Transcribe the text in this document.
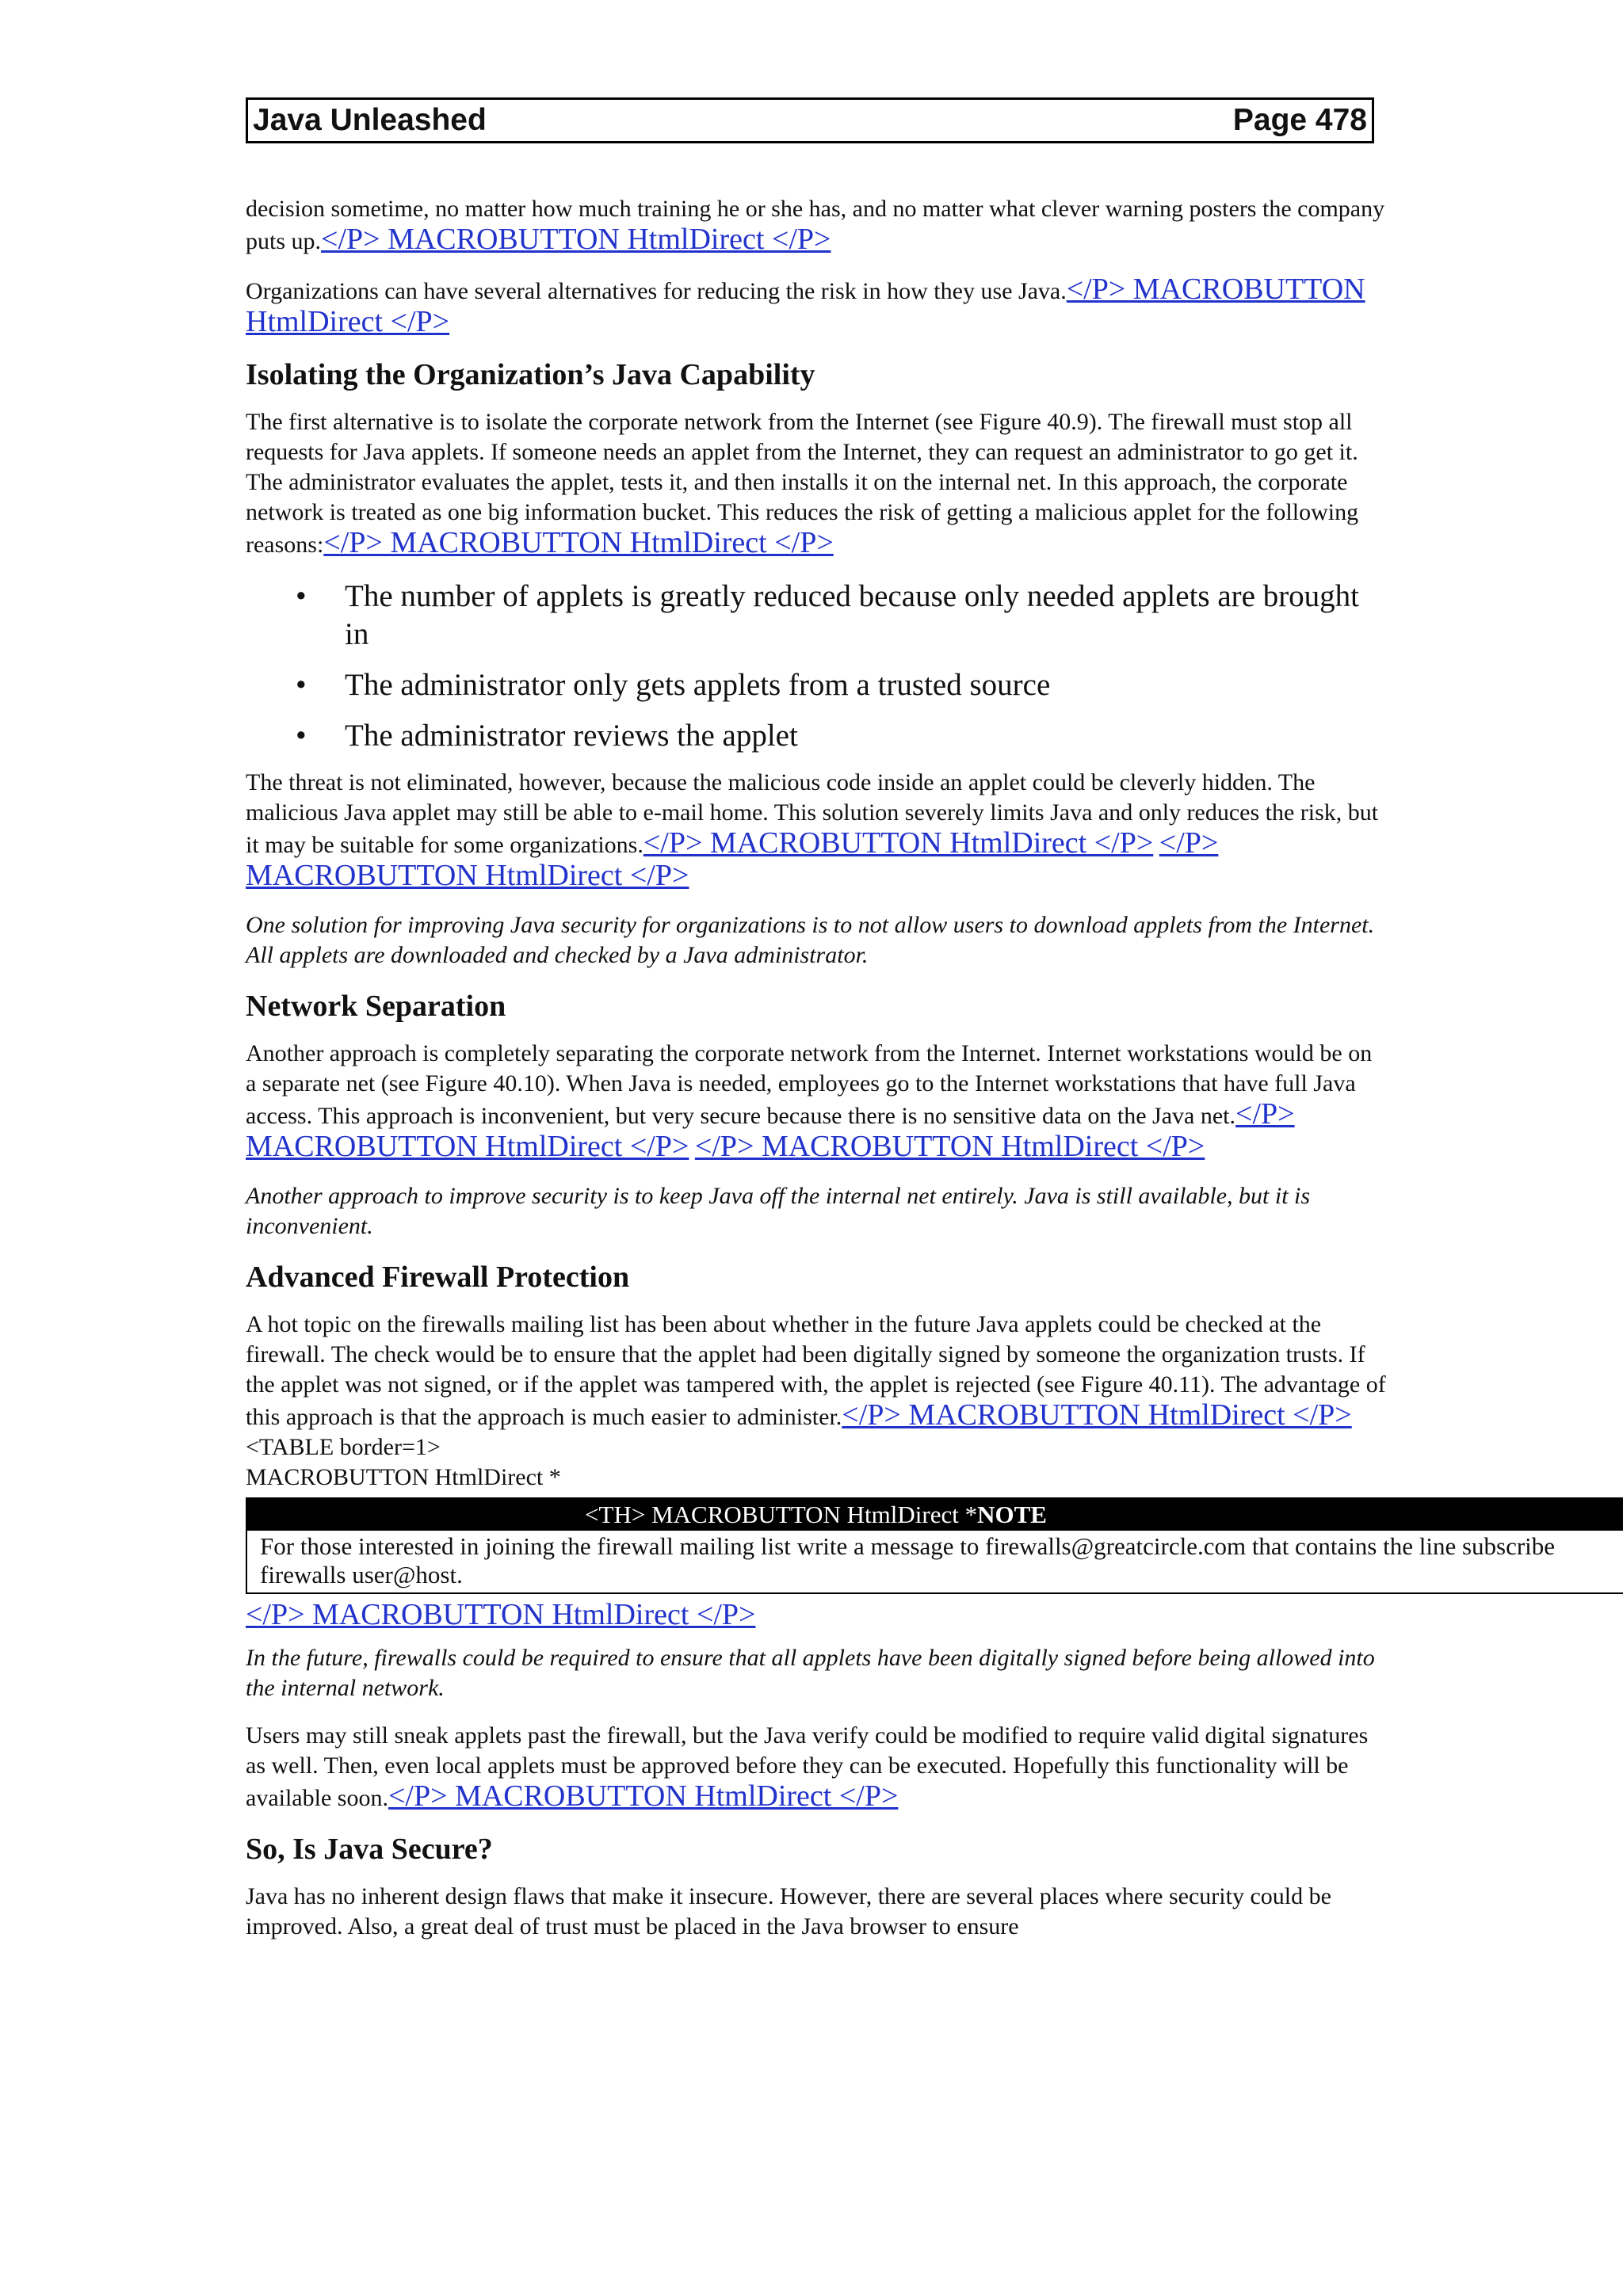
Java Unleashed	Page 478

decision sometime, no matter how much training he or she has, and no matter what clever warning posters the company puts up.</P> MACROBUTTON HtmlDirect </P>

Organizations can have several alternatives for reducing the risk in how they use Java.</P> MACROBUTTON HtmlDirect </P>

Isolating the Organization’s Java Capability

The first alternative is to isolate the corporate network from the Internet (see Figure 40.9). The firewall must stop all requests for Java applets. If someone needs an applet from the Internet, they can request an administrator to go get it. The administrator evaluates the applet, tests it, and then installs it on the internal net. In this approach, the corporate network is treated as one big information bucket. This reduces the risk of getting a malicious applet for the following reasons:</P> MACROBUTTON HtmlDirect </P>

• The number of applets is greatly reduced because only needed applets are brought in
• The administrator only gets applets from a trusted source
• The administrator reviews the applet

The threat is not eliminated, however, because the malicious code inside an applet could be cleverly hidden. The malicious Java applet may still be able to e-mail home. This solution severely limits Java and only reduces the risk, but it may be suitable for some organizations.</P> MACROBUTTON HtmlDirect </P> </P> MACROBUTTON HtmlDirect </P>

One solution for improving Java security for organizations is to not allow users to download applets from the Internet. All applets are downloaded and checked by a Java administrator.

Network Separation

Another approach is completely separating the corporate network from the Internet. Internet workstations would be on a separate net (see Figure 40.10). When Java is needed, employees go to the Internet workstations that have full Java access. This approach is inconvenient, but very secure because there is no sensitive data on the Java net.</P> MACROBUTTON HtmlDirect </P> </P> MACROBUTTON HtmlDirect </P>

Another approach to improve security is to keep Java off the internal net entirely. Java is still available, but it is inconvenient.

Advanced Firewall Protection

A hot topic on the firewalls mailing list has been about whether in the future Java applets could be checked at the firewall. The check would be to ensure that the applet had been digitally signed by someone the organization trusts. If the applet was not signed, or if the applet was tampered with, the applet is rejected (see Figure 40.11). The advantage of this approach is that the approach is much easier to administer.</P> MACROBUTTON HtmlDirect </P> <TABLE border=1>

MACROBUTTON HtmlDirect *

<TH> MACROBUTTON HtmlDirect *NOTE
For those interested in joining the firewall mailing list write a message to firewalls@greatcircle.com that contains the line subscribe firewalls user@host.

</P> MACROBUTTON HtmlDirect </P>

In the future, firewalls could be required to ensure that all applets have been digitally signed before being allowed into the internal network.

Users may still sneak applets past the firewall, but the Java verify could be modified to require valid digital signatures as well. Then, even local applets must be approved before they can be executed. Hopefully this functionality will be available soon.</P> MACROBUTTON HtmlDirect </P>

So, Is Java Secure?

Java has no inherent design flaws that make it insecure. However, there are several places where security could be improved. Also, a great deal of trust must be placed in the Java browser to ensure
